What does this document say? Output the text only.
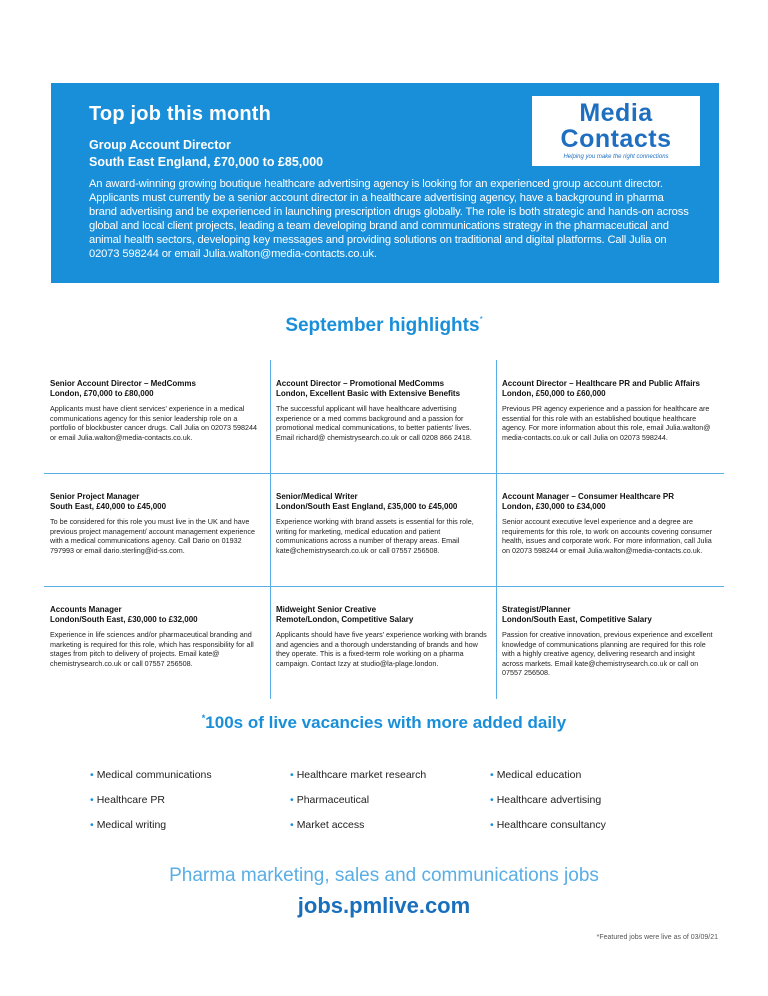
Top job this month
Group Account Director
South East England, £70,000 to £85,000
An award-winning growing boutique healthcare advertising agency is looking for an experienced group account director. Applicants must currently be a senior account director in a healthcare advertising agency, have a background in pharma brand advertising and be experienced in launching prescription drugs globally. The role is both strategic and hands-on across global and local client projects, leading a team developing brand and communications strategy in the pharmaceutical and animal health sectors, developing key messages and providing solutions on traditional and digital platforms. Call Julia on 02073 598244 or email Julia.walton@media-contacts.co.uk.
Media
Contacts
Helping you make the right connections
September highlights*
Senior Account Director – MedComms
London, £70,000 to £80,000
Applicants must have client services' experience in a medical communications agency for this senior leadership role on a portfolio of blockbuster cancer drugs. Call Julia on 02073 598244 or email Julia.walton@media-contacts.co.uk.
Account Director – Promotional MedComms
London, Excellent Basic with Extensive Benefits
The successful applicant will have healthcare advertising experience or a med comms background and a passion for promotional medical communications, to better patients' lives. Email richard@ chemistrysearch.co.uk or call 0208 866 2418.
Account Director – Healthcare PR and Public Affairs
London, £50,000 to £60,000
Previous PR agency experience and a passion for healthcare are essential for this role with an established boutique healthcare agency. For more information about this role, email Julia.walton@ media-contacts.co.uk or call Julia on 02073 598244.
Senior Project Manager
South East, £40,000 to £45,000
To be considered for this role you must live in the UK and have previous project management/ account management experience with a medical communications agency. Call Dario on 01932 797993 or email dario.sterling@id-ss.com.
Senior/Medical Writer
London/South East England, £35,000 to £45,000
Experience working with brand assets is essential for this role, writing for marketing, medical education and patient communications across a number of therapy areas. Email kate@chemistrysearch.co.uk or call 07557 256508.
Account Manager – Consumer Healthcare PR
London, £30,000 to £34,000
Senior account executive level experience and a degree are requirements for this role, to work on accounts covering consumer health, issues and corporate work. For more information, call Julia on 02073 598244 or email Julia.walton@media-contacts.co.uk.
Accounts Manager
London/South East, £30,000 to £32,000
Experience in life sciences and/or pharmaceutical branding and marketing is required for this role, which has responsibility for all stages from pitch to delivery of projects. Email kate@ chemistrysearch.co.uk or call 07557 256508.
Midweight Senior Creative
Remote/London, Competitive Salary
Applicants should have five years' experience working with brands and agencies and a thorough understanding of brands and how they operate. This is a fixed-term role working on a pharma campaign. Contact Izzy at studio@la-plage.london.
Strategist/Planner
London/South East, Competitive Salary
Passion for creative innovation, previous experience and excellent knowledge of communications planning are required for this role with a highly creative agency, delivering research and insight across markets. Email kate@chemistrysearch.co.uk or call on 07557 256508.
*100s of live vacancies with more added daily
• Medical communications
• Healthcare PR
• Medical writing
• Healthcare market research
• Pharmaceutical
• Market access
• Medical education
• Healthcare advertising
• Healthcare consultancy
Pharma marketing, sales and communications jobs
jobs.pmlive.com
*Featured jobs were live as of 03/09/21
